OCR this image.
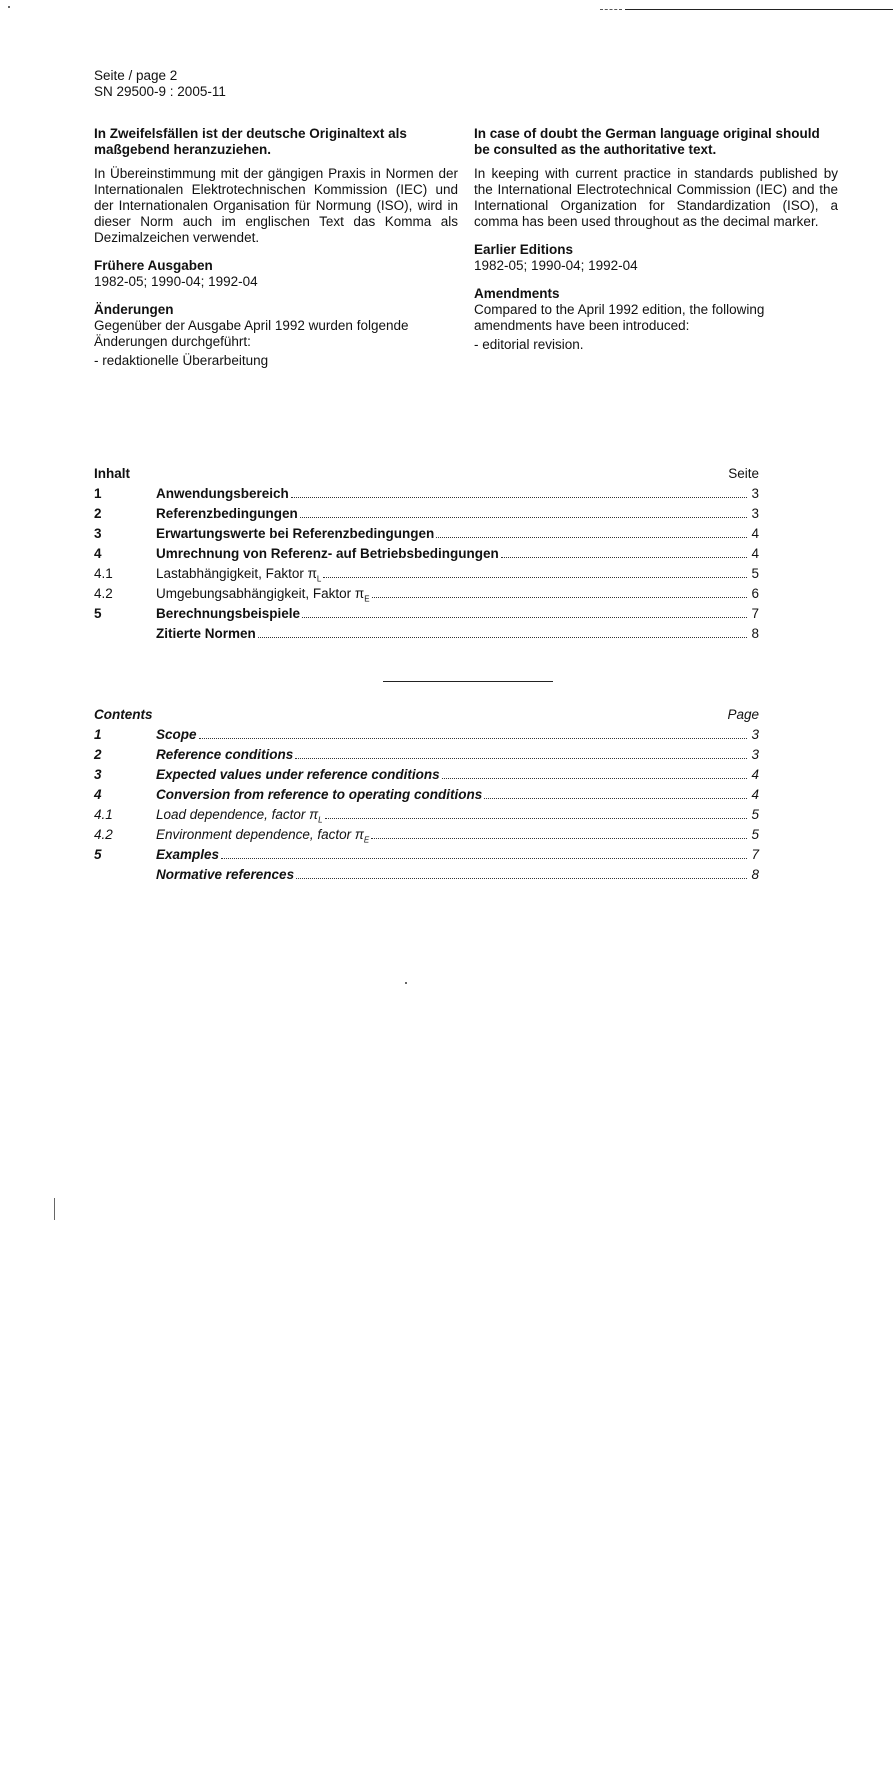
Seite / page 2
SN 29500-9 : 2005-11

In Zweifelsfällen ist der deutsche Originaltext als maßgebend heranzuziehen.

In Übereinstimmung mit der gängigen Praxis in Normen der Internationalen Elektrotechnischen Kommission (IEC) und der Internationalen Organisation für Normung (ISO), wird in dieser Norm auch im englischen Text das Komma als Dezimalzeichen verwendet.

Frühere Ausgaben

1982-05; 1990-04; 1992-04

Änderungen

Gegenüber der Ausgabe April 1992 wurden folgende Änderungen durchgeführt:

- redaktionelle Überarbeitung

In case of doubt the German language original should be consulted as the authoritative text.

In keeping with current practice in standards published by the International Electrotechnical Commission (IEC) and the International Organization for Standardization (ISO), a comma has been used throughout as the decimal marker.

Earlier Editions

1982-05; 1990-04; 1992-04

Amendments

Compared to the April 1992 edition, the following amendments have been introduced:

- editorial revision.

Inhalt	Seite
1	Anwendungsbereich	3
2	Referenzbedingungen	3
3	Erwartungswerte bei Referenzbedingungen	4
4	Umrechnung von Referenz- auf Betriebsbedingungen	4
4.1	Lastabhängigkeit, Faktor $\pi_L$	5
4.2	Umgebungsabhängigkeit, Faktor $\pi_E$	6
5	Berechnungsbeispiele	7
Zitierte Normen	8
Contents	Page
1	Scope	3
2	Reference conditions	3
3	Expected values under reference conditions	4
4	Conversion from reference to operating conditions	4
4.1	Load dependence, factor $\pi_L$	5
4.2	Environment dependence, factor $\pi_E$	5
5	Examples	7
Normative references	8
